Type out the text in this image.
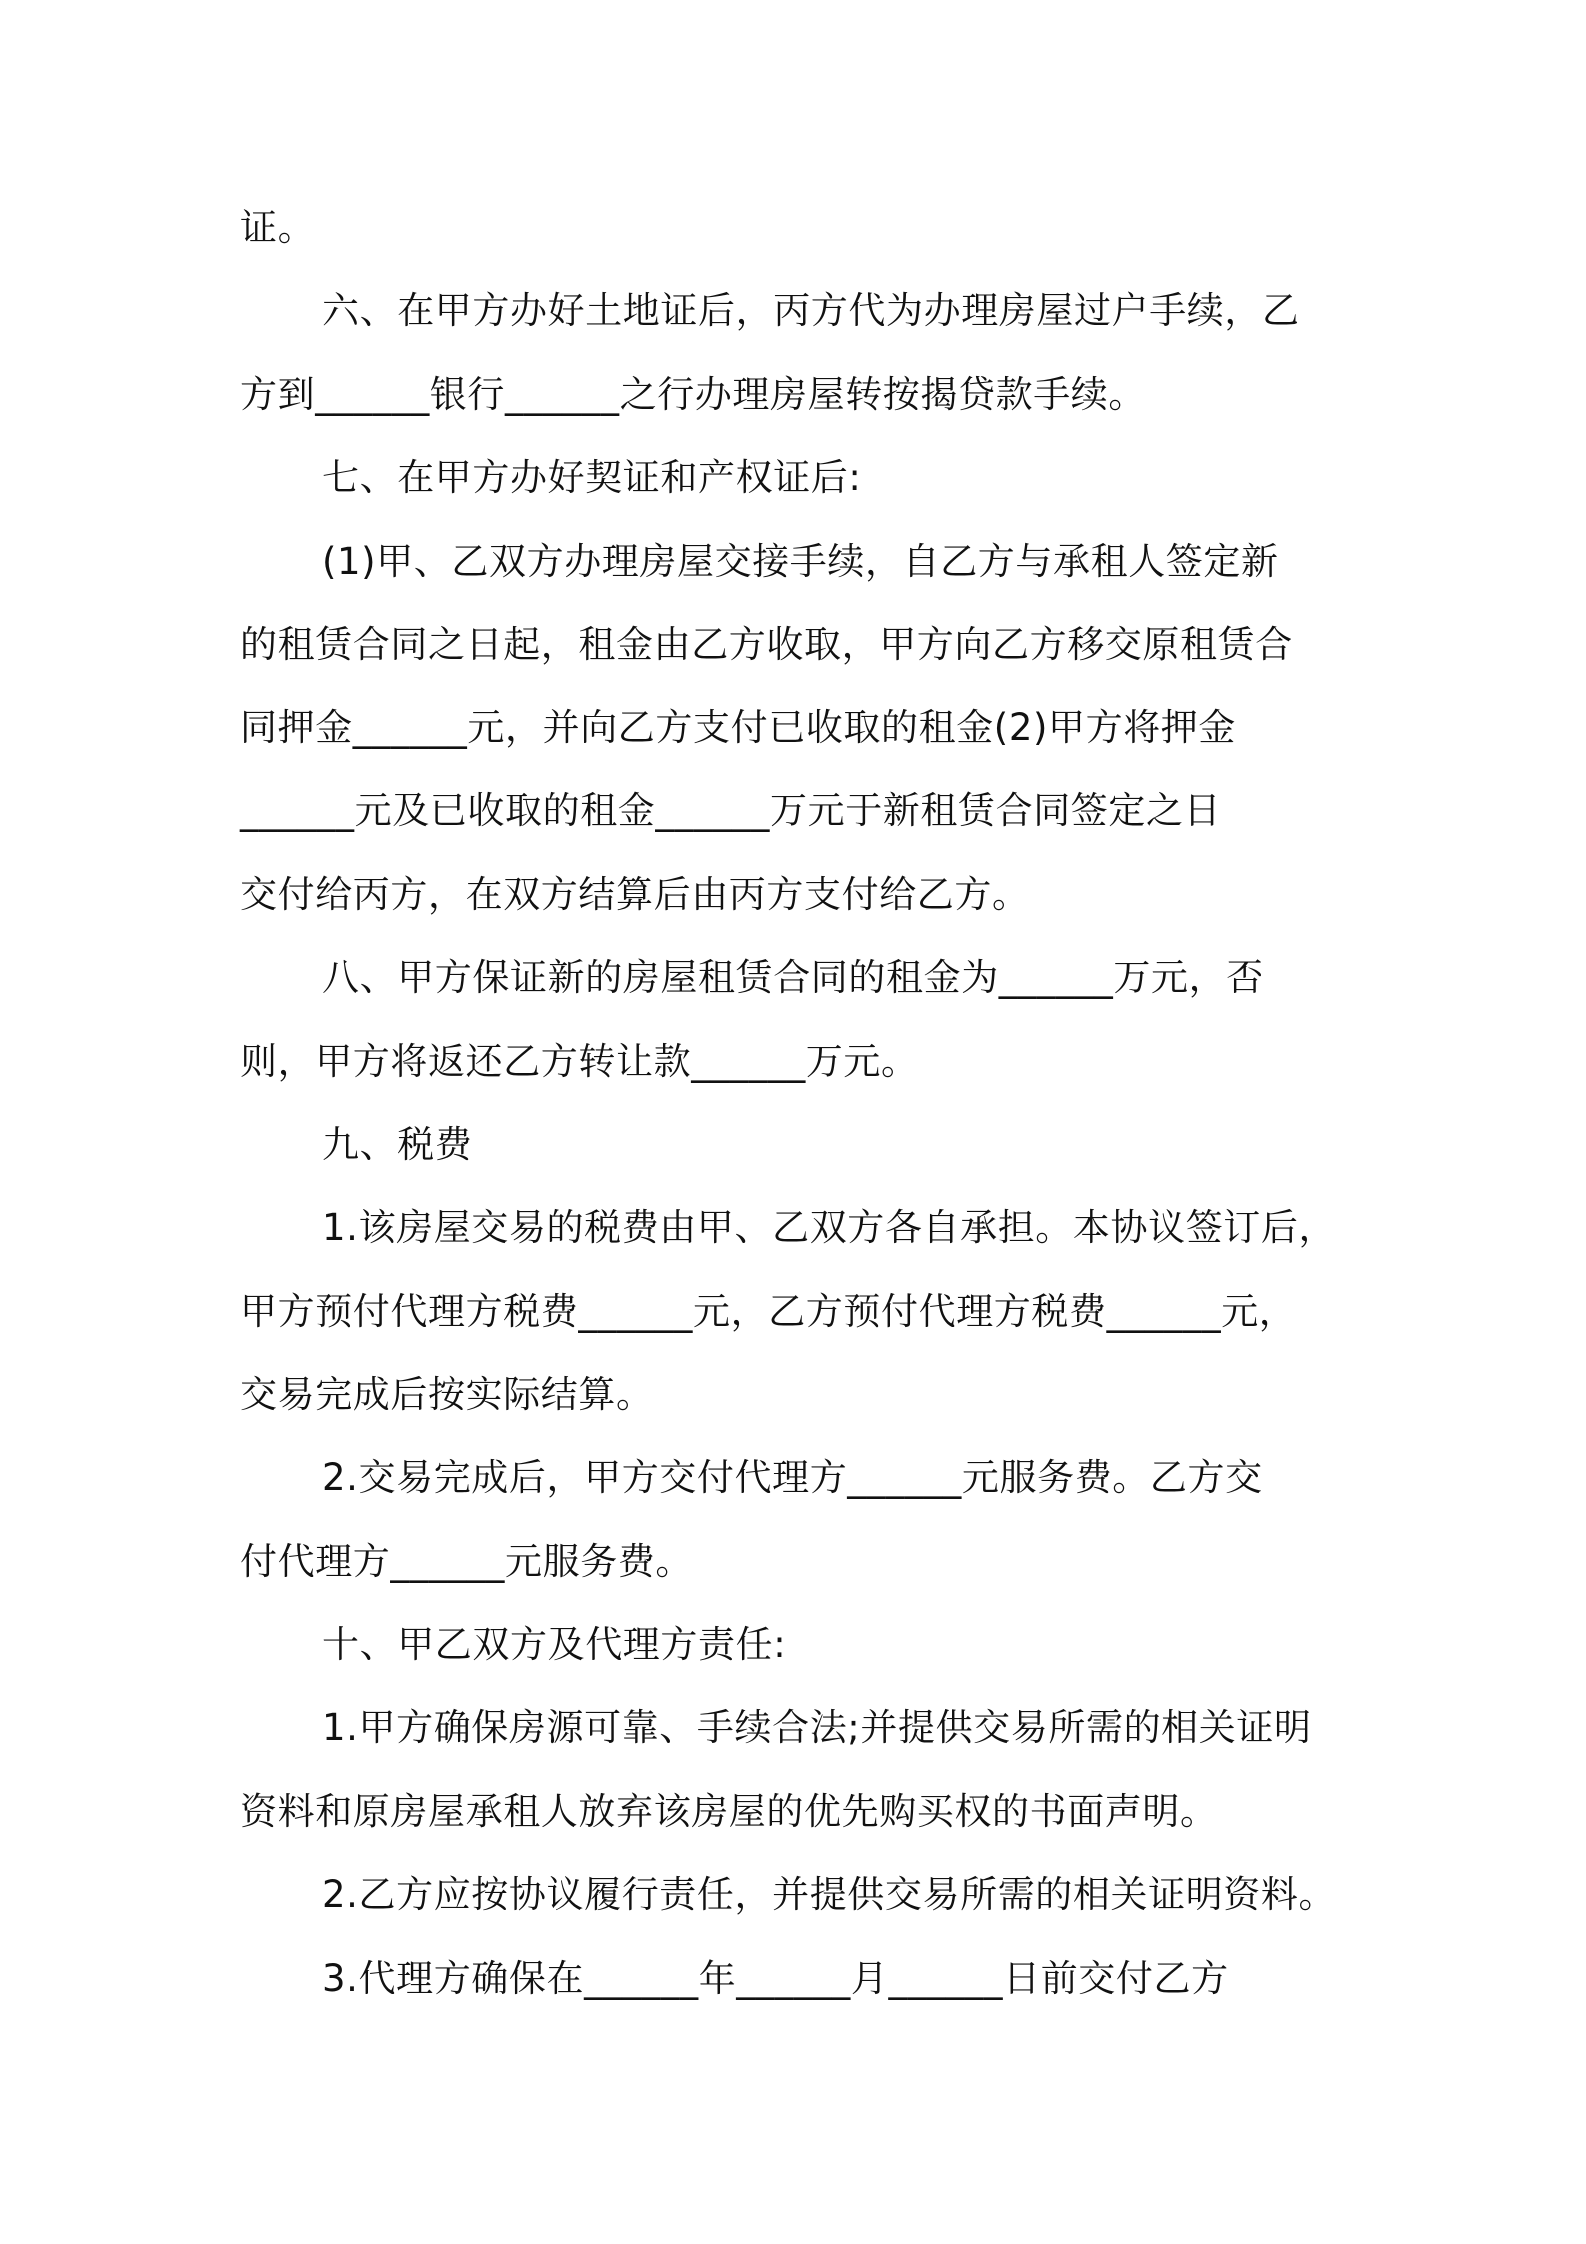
证。
六、在甲方办好土地证后，丙方代为办理房屋过户手续，乙
方到______银行______之行办理房屋转按揭贷款手续。
七、在甲方办好契证和产权证后:
(1)甲、乙双方办理房屋交接手续，自乙方与承租人签定新
的租赁合同之日起，租金由乙方收取，甲方向乙方移交原租赁合
同押金______元，并向乙方支付已收取的租金(2)甲方将押金
______元及已收取的租金______万元于新租赁合同签定之日
交付给丙方，在双方结算后由丙方支付给乙方。
八、甲方保证新的房屋租赁合同的租金为______万元，否
则，甲方将返还乙方转让款______万元。
九、税费
1.该房屋交易的税费由甲、乙双方各自承担。本协议签订后，
甲方预付代理方税费______元，乙方预付代理方税费______元，
交易完成后按实际结算。
2.交易完成后，甲方交付代理方______元服务费。乙方交
付代理方______元服务费。
十、甲乙双方及代理方责任:
1.甲方确保房源可靠、手续合法;并提供交易所需的相关证明
资料和原房屋承租人放弃该房屋的优先购买权的书面声明。
2.乙方应按协议履行责任，并提供交易所需的相关证明资料。
3.代理方确保在______年______月______日前交付乙方
